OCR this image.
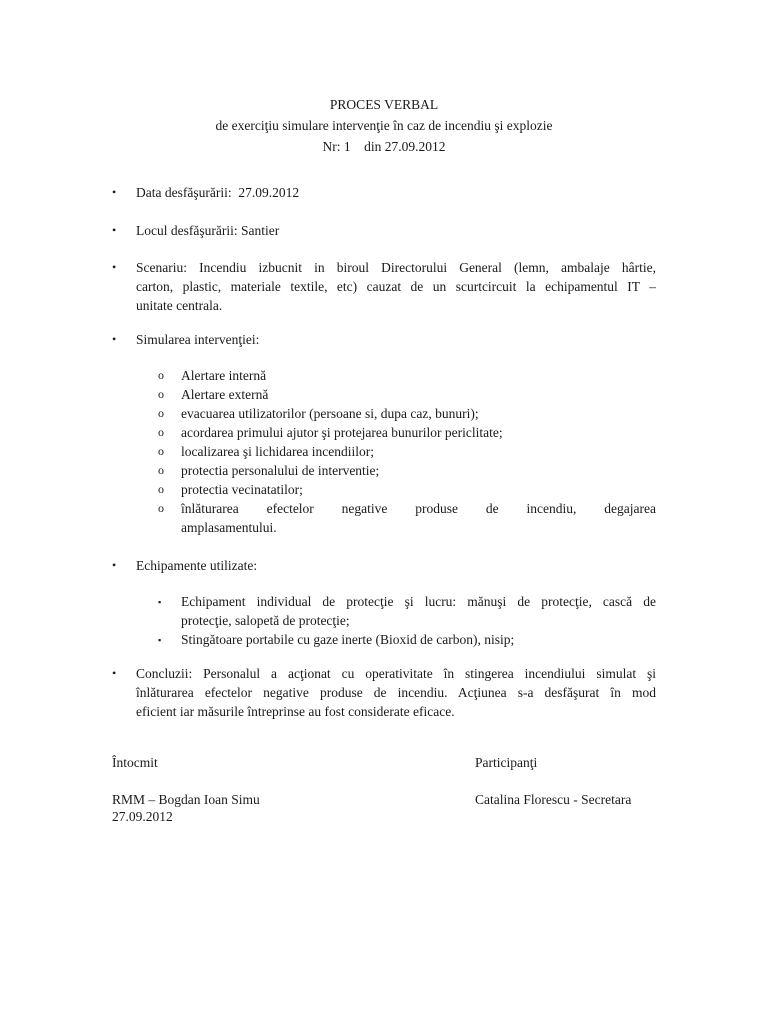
PROCES VERBAL
de exerciţiu simulare intervenţie în caz de incendiu şi explozie
Nr: 1    din 27.09.2012
• Data desfăşurării:  27.09.2012
• Locul desfăşurării: Santier
• Scenariu: Incendiu izbucnit in biroul Directorului General (lemn, ambalaje hârtie,
carton, plastic, materiale textile, etc) cauzat de un scurtcircuit la echipamentul IT –
unitate centrala.
• Simularea intervenţiei:
o Alertare internă
o Alertare externă
o evacuarea utilizatorilor (persoane si, dupa caz, bunuri);
o acordarea primului ajutor şi protejarea bunurilor periclitate;
o localizarea şi lichidarea incendiilor;
o protectia personalului de interventie;
o protectia vecinatatilor;
o înlăturarea efectelor negative produse de incendiu, degajarea
amplasamentului.
• Echipamente utilizate:
▪ Echipament individual de protecţie şi lucru: mănuşi de protecţie, cască de
protecţie, salopetă de protecţie;
▪ Stingătoare portabile cu gaze inerte (Bioxid de carbon), nisip;
• Concluzii: Personalul a acţionat cu operativitate în stingerea incendiului simulat şi
înlăturarea efectelor negative produse de incendiu. Acţiunea s-a desfăşurat în mod
eficient iar măsurile întreprinse au fost considerate eficace.
Întocmit	Participanţi
RMM – Bogdan Ioan Simu
27.09.2012
Catalina Florescu - Secretara
